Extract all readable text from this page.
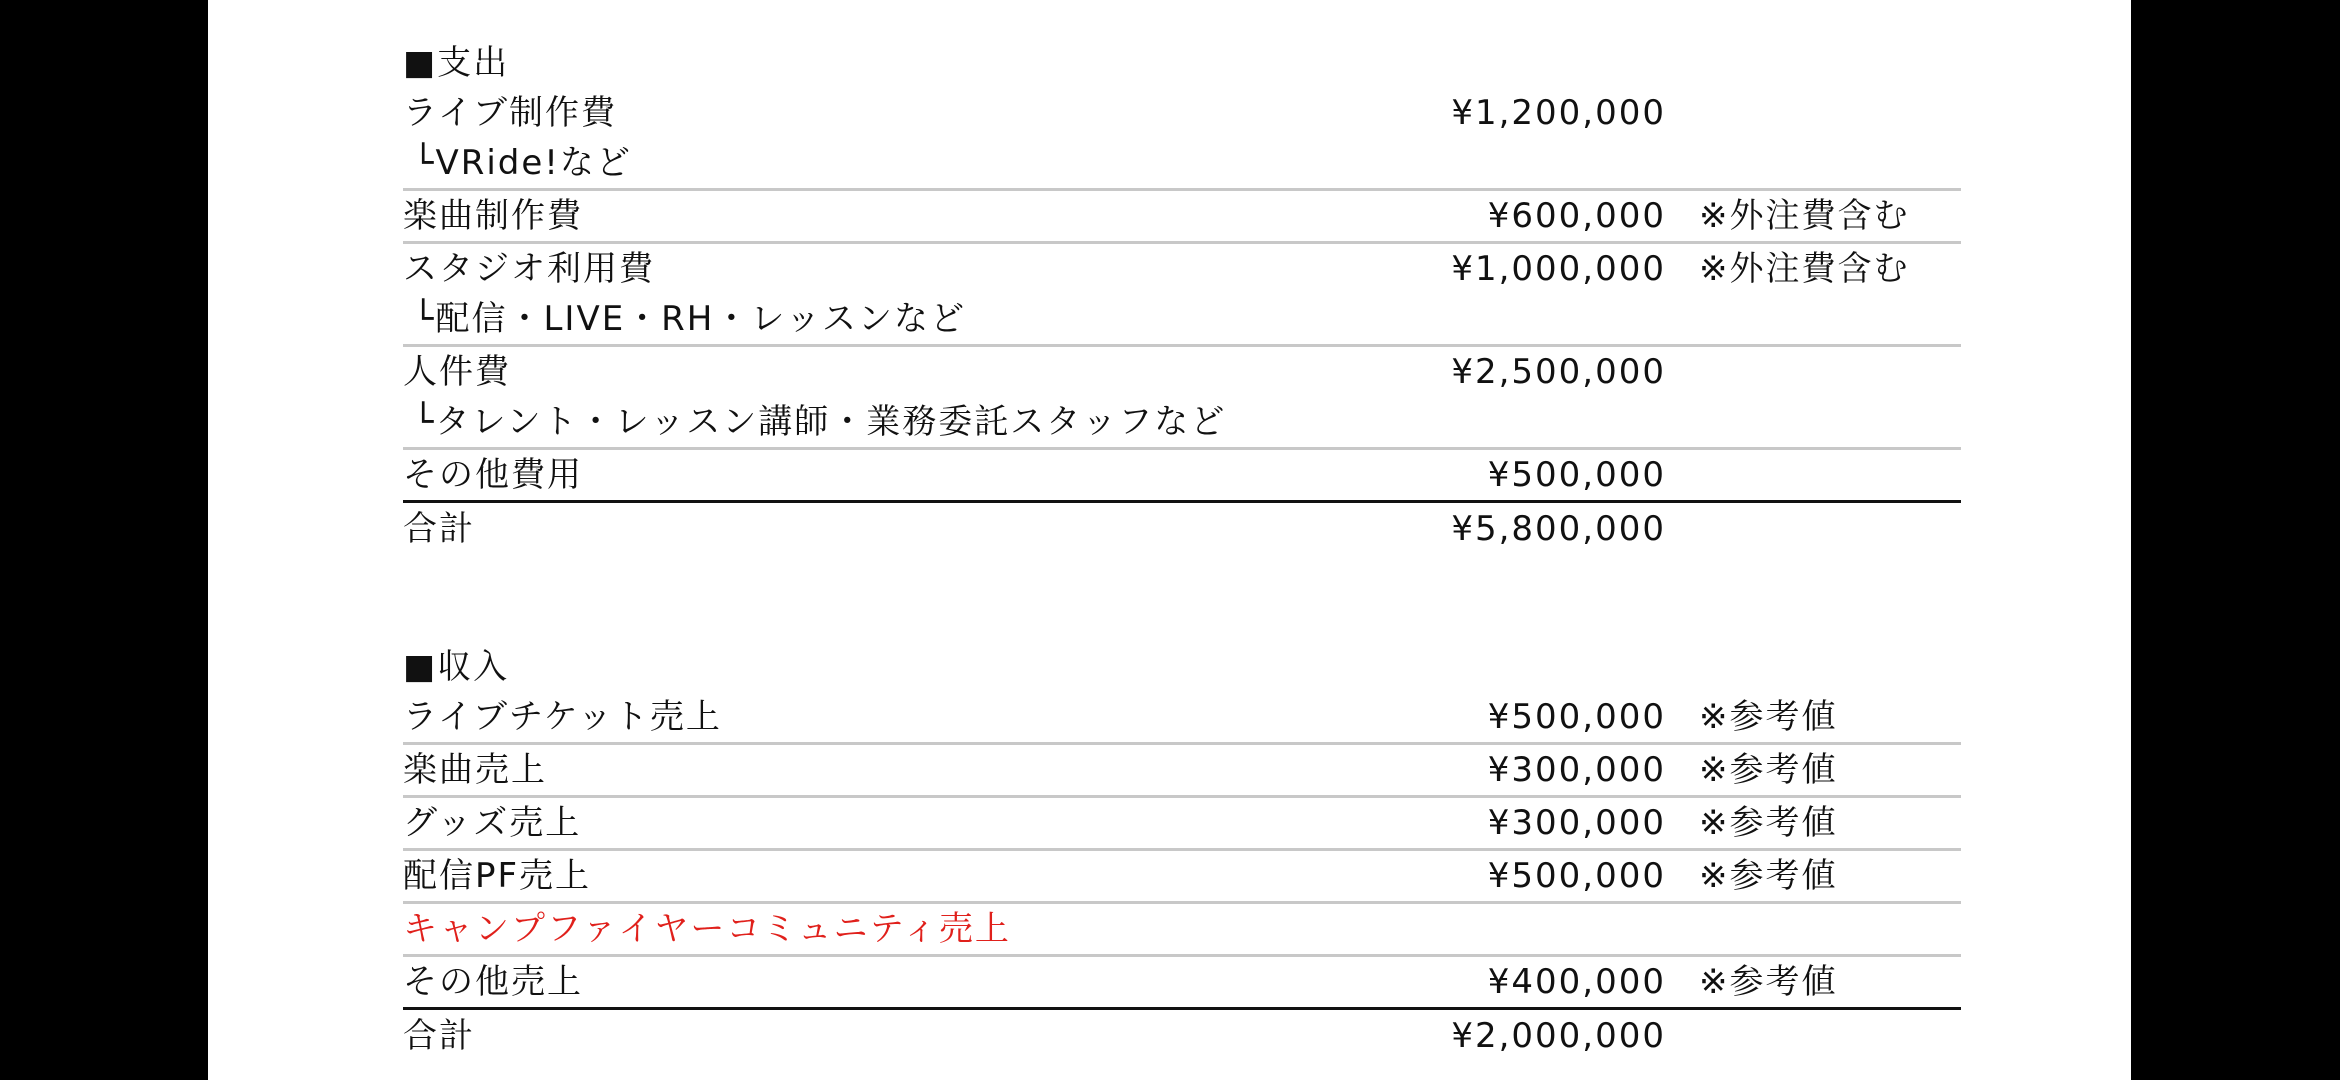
■支出
ライブ制作費	¥1,200,000
└VRide!など
楽曲制作費	¥600,000 ※外注費含む
スタジオ利用費	¥1,000,000 ※外注費含む
└配信・LIVE・RH・レッスンなど
人件費	¥2,500,000
└タレント・レッスン講師・業務委託スタッフなど
その他費用	¥500,000
合計	¥5,800,000
■収入
ライブチケット売上	¥500,000 ※参考値
楽曲売上	¥300,000 ※参考値
グッズ売上	¥300,000 ※参考値
配信PF売上	¥500,000 ※参考値
キャンプファイヤーコミュニティ売上
その他売上	¥400,000 ※参考値
合計	¥2,000,000
